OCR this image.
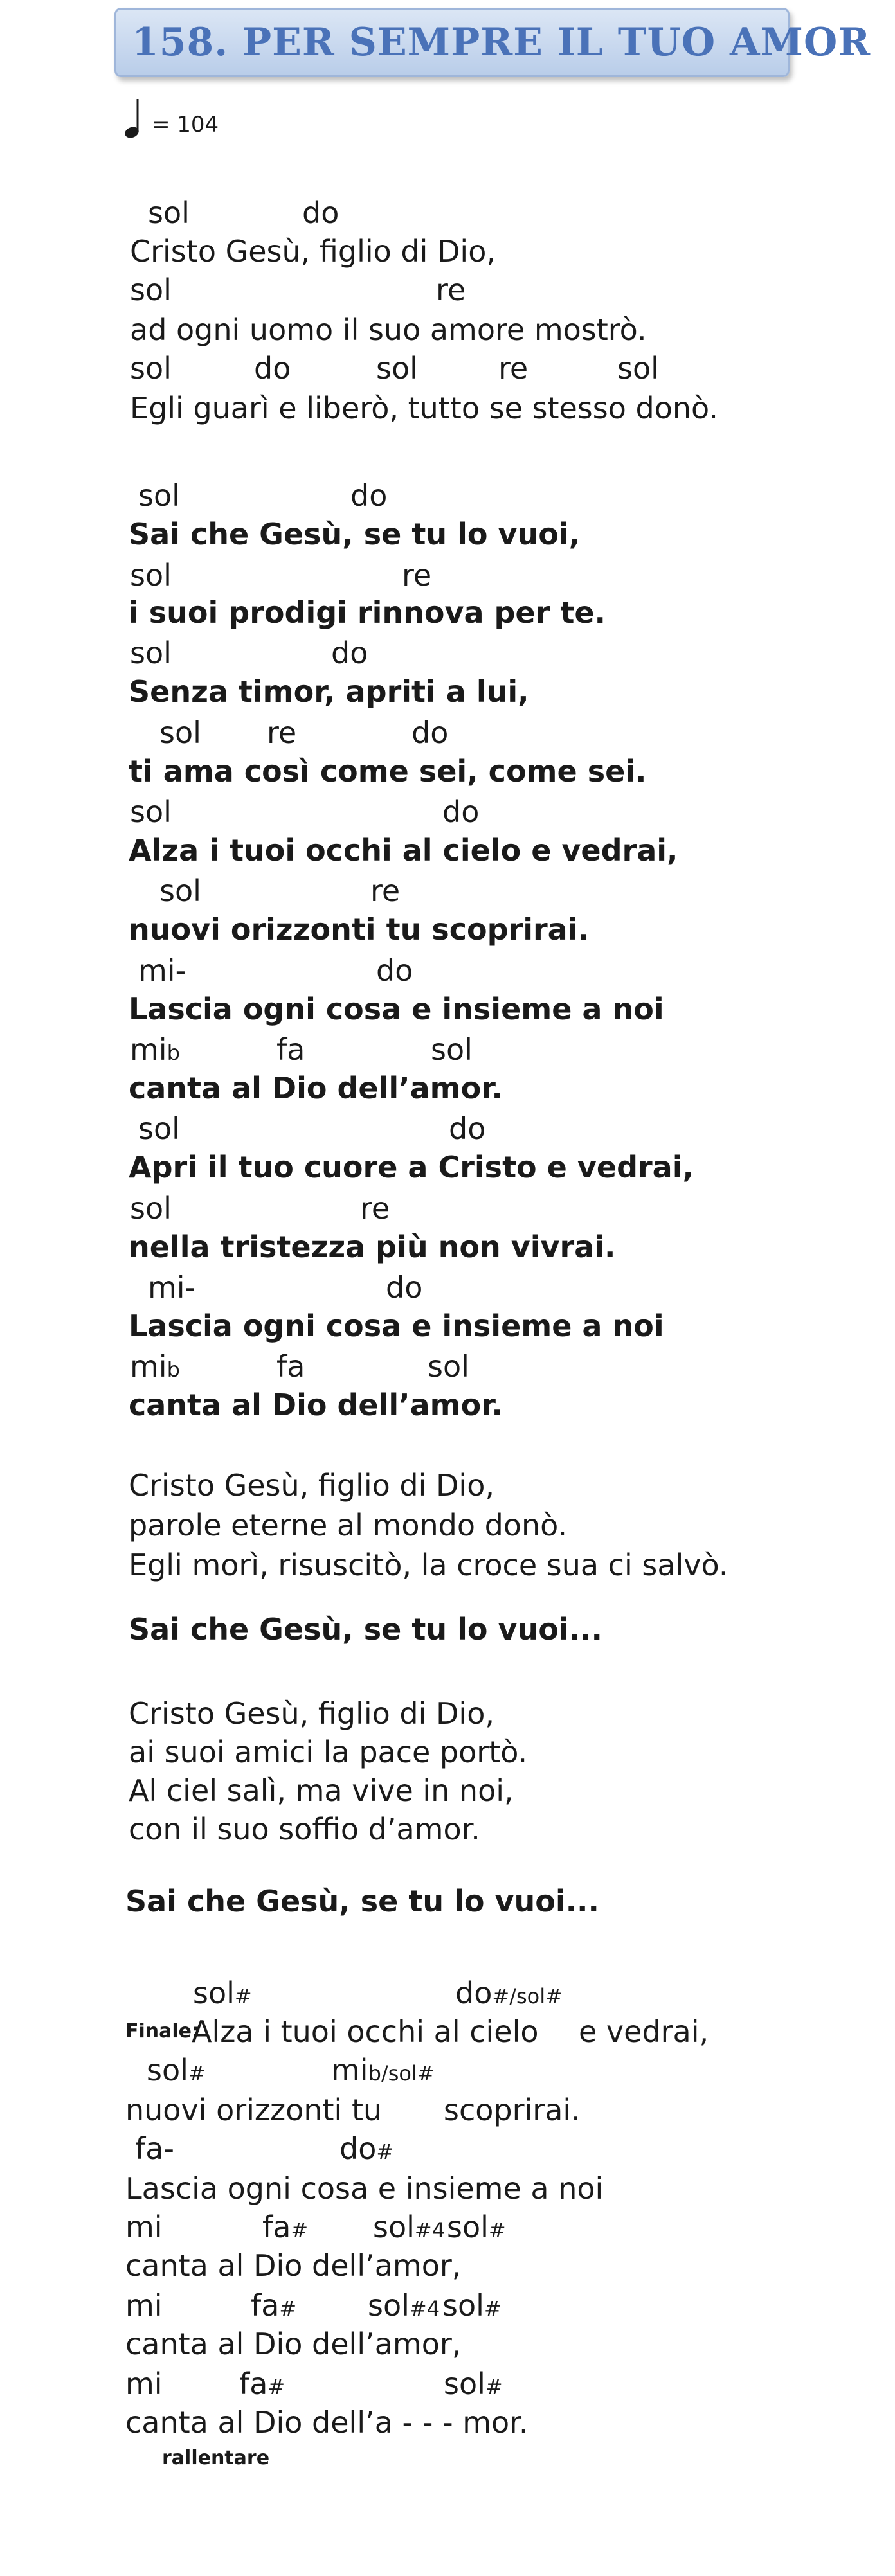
158. PER SEMPRE IL TUO AMOR
= 104
sol	do
Cristo Gesù, figlio di Dio,
sol	re
ad ogni uomo il suo amore mostrò.
sol	do	sol	re	sol
Egli guarì e liberò, tutto se stesso donò.
sol	do
Sai che Gesù, se tu lo vuoi,
sol	re
i suoi prodigi rinnova per te.
sol	do
Senza timor, apriti a lui,
sol re	do
ti ama così come sei, come sei.
sol	do
Alza i tuoi occhi al cielo e vedrai,
sol	re
nuovi orizzonti tu scoprirai.
mi-	do
Lascia ogni cosa e insieme a noi
mib	fa	sol
canta al Dio dell’amor.
sol	do
Apri il tuo cuore a Cristo e vedrai,
sol	re
nella tristezza più non vivrai.
mi-	do
Lascia ogni cosa e insieme a noi
mib	fa	sol
canta al Dio dell’amor.
Cristo Gesù, figlio di Dio,
parole eterne al mondo donò.
Egli morì, risuscitò, la croce sua ci salvò.
Sai che Gesù, se tu lo vuoi...
Cristo Gesù, figlio di Dio,
ai suoi amici la pace portò.
Al ciel salì, ma vive in noi,
con il suo soffio d’amor.
Sai che Gesù, se tu lo vuoi...
sol#	do#/sol#
Finale:
Alza i tuoi occhi al cielo e vedrai,
sol#	mib/sol#
nuovi orizzonti tu scoprirai.
fa-	do#
Lascia ogni cosa e insieme a noi
mi	fa# sol#4 sol#
canta al Dio dell’amor,
mi	fa# sol#4 sol#
canta al Dio dell’amor,
mi	fa#	sol#
canta al Dio dell’a - - - mor.
rallentare
